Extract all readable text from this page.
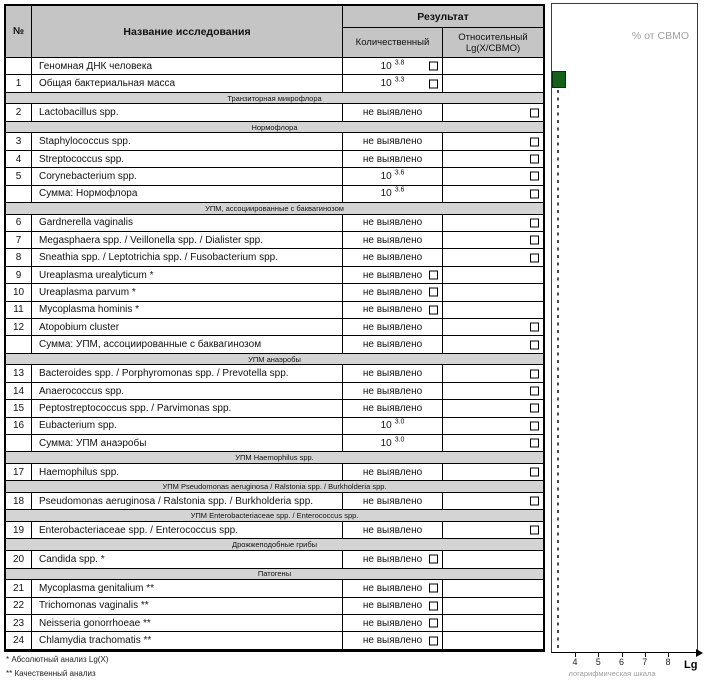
№	Название исследования
Результат
Количественный	Относительный
Lg(X/СВМО)
Геномная ДНК человека	10 3.8
1	Общая бактериальная масса	10 3.3
Транзиторная микрофлора
2	Lactobacillus spp.	не выявлено
Нормофлора
3	Staphylococcus spp.	не выявлено
4	Streptococcus spp.	не выявлено
5	Corynebacterium spp.	10 3.6
Сумма: Нормофлора	10 3.6
УПМ, ассоциированные с баквагинозом
6	Gardnerella vaginalis	не выявлено
7	Megasphaera spp. / Veillonella spp. / Dialister spp.	не выявлено
8	Sneathia spp. / Leptotrichia spp. / Fusobacterium spp.	не выявлено
9	Ureaplasma urealyticum *	не выявлено
10	Ureaplasma parvum *	не выявлено
11	Mycoplasma hominis *	не выявлено
12	Atopobium cluster	не выявлено
Сумма: УПМ, ассоциированные с баквагинозом	не выявлено
УПМ анаэробы
13	Bacteroides spp. / Porphyromonas spp. / Prevotella spp.	не выявлено
14	Anaerococcus spp.	не выявлено
15	Peptostreptococcus spp. / Parvimonas spp.	не выявлено
16	Eubacterium spp.	10 3.0
Сумма: УПМ анаэробы	10 3.0
УПМ Haemophilus spp.
17	Haemophilus spp.	не выявлено
УПМ Pseudomonas aeruginosa / Ralstonia spp. / Burkholderia spp.
18	Pseudomonas aeruginosa / Ralstonia spp. / Burkholderia spp.	не выявлено
УПМ Enterobacteriaceae spp. / Enterococcus spp.
19	Enterobacteriaceae spp. / Enterococcus spp.	не выявлено
Дрожжеподобные грибы
20	Candida spp. *	не выявлено
Патогены
21	Mycoplasma genitalium **	не выявлено
22	Trichomonas vaginalis **	не выявлено
23	Neisseria gonorrhoeae **	не выявлено
24	Chlamydia trachomatis **	не выявлено
* Абсолютный анализ Lg(X)
** Качественный анализ
% от СВМО
Lg
логарифмическая шкала
4	5	6	7	8
